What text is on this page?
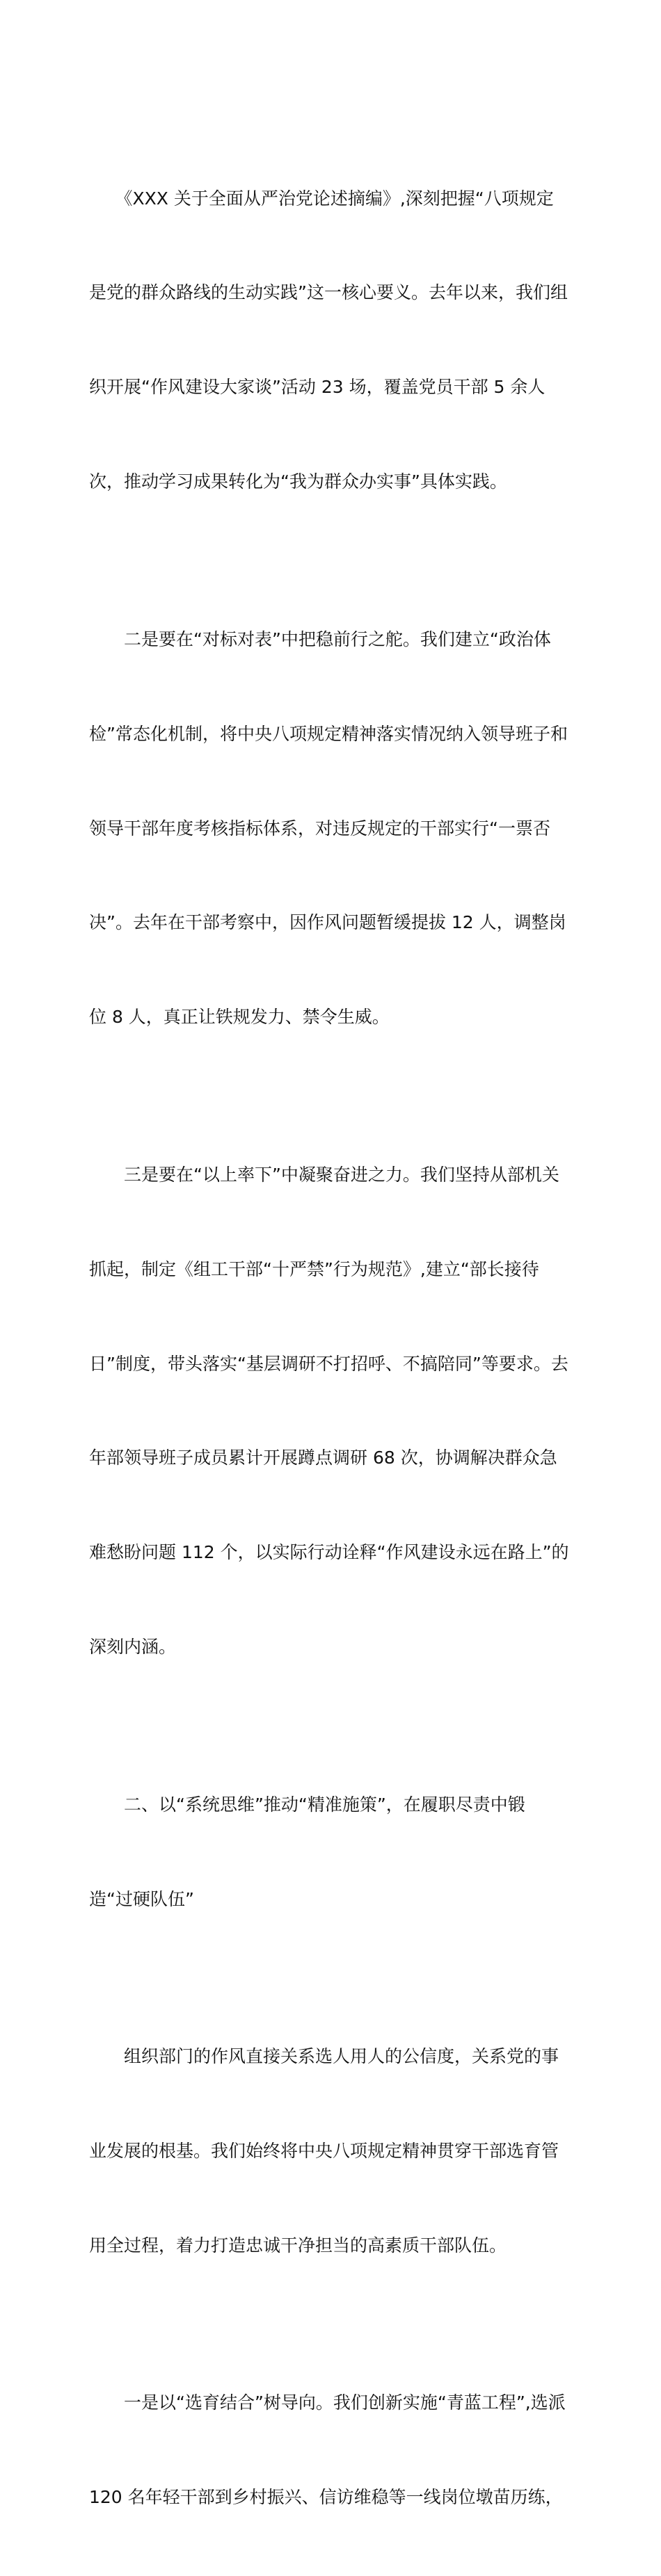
　　《XXX 关于全面从严治党论述摘编》,深刻把握“八项规定

是党的群众路线的生动实践”这一核心要义。去年以来，我们组

织开展“作风建设大家谈”活动 23 场，覆盖党员干部 5 余人

次，推动学习成果转化为“我为群众办实事”具体实践。

　　二是要在“对标对表”中把稳前行之舵。我们建立“政治体

检”常态化机制，将中央八项规定精神落实情况纳入领导班子和

领导干部年度考核指标体系，对违反规定的干部实行“一票否

决”。去年在干部考察中，因作风问题暂缓提拔 12 人，调整岗

位 8 人，真正让铁规发力、禁令生威。

　　三是要在“以上率下”中凝聚奋进之力。我们坚持从部机关

抓起，制定《组工干部“十严禁”行为规范》,建立“部长接待

日”制度，带头落实“基层调研不打招呼、不搞陪同”等要求。去

年部领导班子成员累计开展蹲点调研 68 次，协调解决群众急

难愁盼问题 112 个，以实际行动诠释“作风建设永远在路上”的

深刻内涵。

　　二、以“系统思维”推动“精准施策”，在履职尽责中锻

造“过硬队伍”

　　组织部门的作风直接关系选人用人的公信度，关系党的事

业发展的根基。我们始终将中央八项规定精神贯穿干部选育管

用全过程，着力打造忠诚干净担当的高素质干部队伍。

　　一是以“选育结合”树导向。我们创新实施“青蓝工程”,选派

120 名年轻干部到乡村振兴、信访维稳等一线岗位墩苗历练，
